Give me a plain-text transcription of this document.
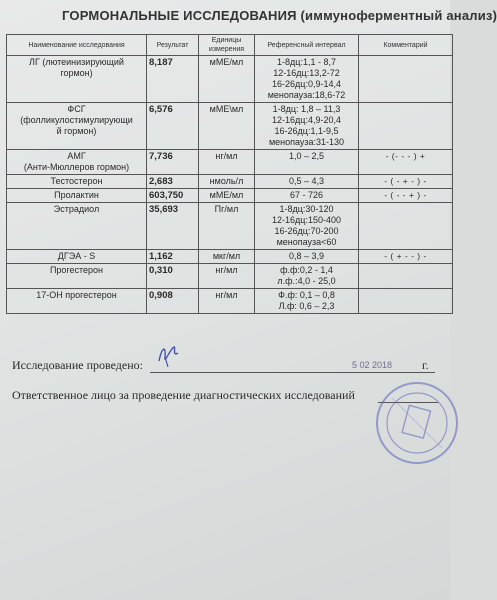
ГОРМОНАЛЬНЫЕ ИССЛЕДОВАНИЯ (иммуноферментный анализ)
Наименование исследования	Результат	Единицы
измерения	Референсный интервал	Комментарий

ЛГ (лютеинизирующий
гормон)	8,187	мМЕ/мл	1-8дц:1,1 - 8,7
12-16дц:13,2-72
16-26дц:0,9-14,4
менопауза:18,6-72	

ФСГ
(фолликулостимулирующи
й гормон)	6,576	мМЕ\мл	1-8дц: 1,8 – 11,3
12-16дц:4,9-20,4
16-26дц:1,1-9,5
менопауза:31-130	

АМГ
(Анти-Мюллеров гормон)	7,736	нг/мл	1,0 – 2,5	- (- - - ) +

Тестостерон	2,683	нмоль/л	0,5 – 4,3	- ( - + - ) -

Пролактин	603,750	мМЕ/мл	67 - 726	- ( - - + ) -

Эстрадиол	35,693	Пг/мл	1-8дц:30-120
12-16дц:150-400
16-26дц:70-200
менопауза<60	

ДГЭА - S	1,162	мкг/мл	0,8 – 3,9	- ( + - - ) -

Прогестерон	0,310	нг/мл	ф.ф:0,2 - 1,4
л.ф.:4,0 - 25,0	

17-ОН прогестерон	0,908	нг/мл	Ф.ф: 0,1 – 0,8
Л.ф: 0,6 – 2,3	

Исследование проведено:	5 02 2018 г.
Ответственное лицо за проведение диагностических исследований
